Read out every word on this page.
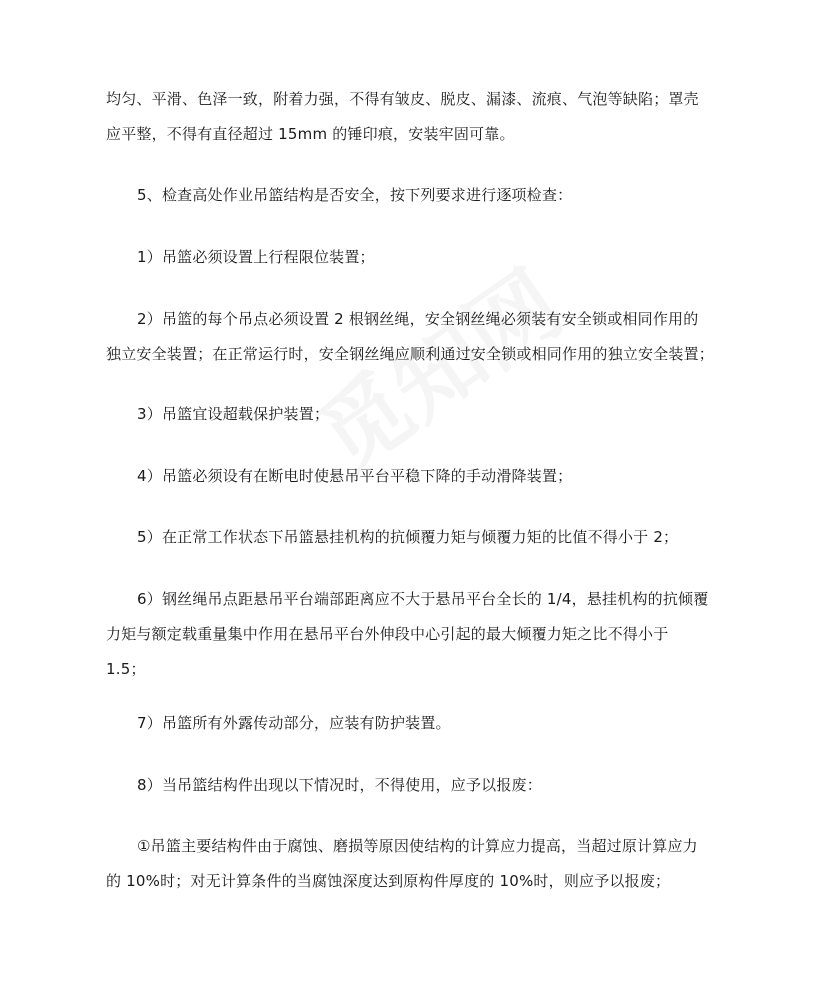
均匀、平滑、色泽一致，附着力强，不得有皱皮、脱皮、漏漆、流痕、气泡等缺陷；罩壳
应平整，不得有直径超过 15mm 的锤印痕，安装牢固可靠。
5、检查高处作业吊篮结构是否安全，按下列要求进行逐项检查：
1）吊篮必须设置上行程限位装置；
2）吊篮的每个吊点必须设置 2 根钢丝绳，安全钢丝绳必须装有安全锁或相同作用的
独立安全装置；在正常运行时，安全钢丝绳应顺利通过安全锁或相同作用的独立安全装置；
3）吊篮宜设超载保护装置；
4）吊篮必须设有在断电时使悬吊平台平稳下降的手动滑降装置；
5）在正常工作状态下吊篮悬挂机构的抗倾覆力矩与倾覆力矩的比值不得小于 2；
6）钢丝绳吊点距悬吊平台端部距离应不大于悬吊平台全长的 1/4，悬挂机构的抗倾覆
力矩与额定载重量集中作用在悬吊平台外伸段中心引起的最大倾覆力矩之比不得小于
1.5；
7）吊篮所有外露传动部分，应装有防护装置。
8）当吊篮结构件出现以下情况时，不得使用，应予以报废：
①吊篮主要结构件由于腐蚀、磨损等原因使结构的计算应力提高，当超过原计算应力
的 10%时；对无计算条件的当腐蚀深度达到原构件厚度的 10%时，则应予以报废；
